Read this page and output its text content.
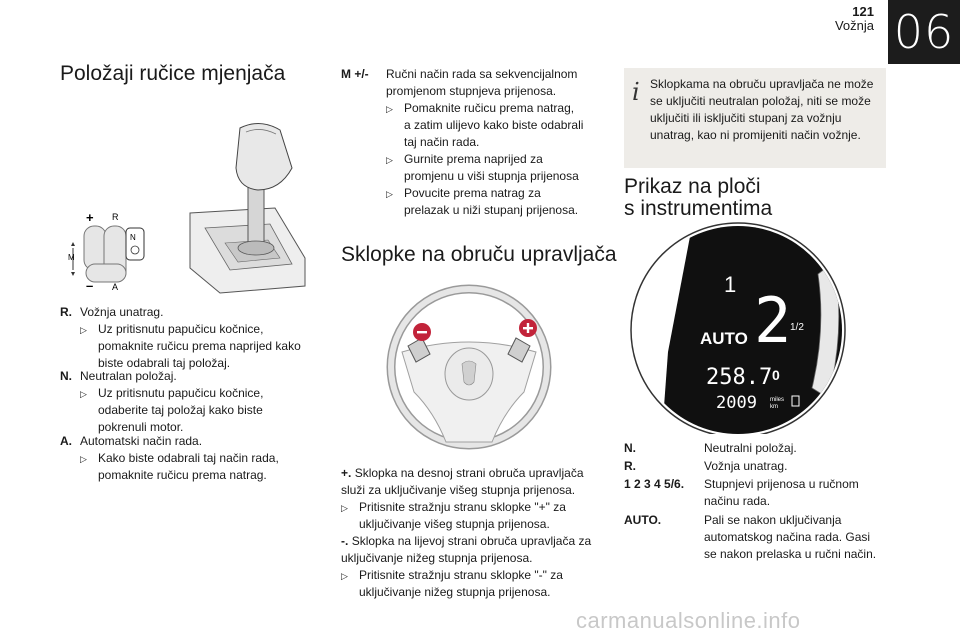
121
Vožnja 06
Položaji ručice mjenjača
R
N
A
M
+
–
R. Vožnja unatrag.
▷ Uz pritisnutu papučicu kočnice,
pomaknite ručicu prema naprijed kako
biste odabrali taj položaj.
N. Neutralan položaj.
▷ Uz pritisnutu papučicu kočnice,
odaberite taj položaj kako biste
pokrenuli motor.
A. Automatski način rada.
▷ Kako biste odabrali taj način rada,
pomaknite ručicu prema natrag.
M +/-	Ručni način rada sa sekvencijalnom
promjenom stupnjeva prijenosa.
▷ Pomaknite ručicu prema natrag,
a zatim ulijevo kako biste odabrali
taj način rada.
▷ Gurnite prema naprijed za
promjenu u viši stupnja prijenosa
▷ Povucite prema natrag za
prelazak u niži stupanj prijenosa.
Sklopke na obruču upravljača
+. Sklopka na desnoj strani obruča upravljača
služi za uključivanje višeg stupnja prijenosa.
▷ Pritisnite stražnju stranu sklopke "+" za
uključivanje višeg stupnja prijenosa.
-. Sklopka na lijevoj strani obruča upravljača za
uključivanje nižeg stupnja prijenosa.
▷ Pritisnite stražnju stranu sklopke "-" za
uključivanje nižeg stupnja prijenosa.
i Sklopkama na obruču upravljača ne može
se uključiti neutralan položaj, niti se može
uključiti ili isključiti stupanj za vožnju
unatrag, kao ni promijeniti način vožnje.
Prikaz na ploči
s instrumentima
1
1/2
0
AUTO 2
258.7
2009 miles
km
N.	Neutralni položaj.
R.	Vožnja unatrag.
1 2 3 4 5/6.	Stupnjevi prijenosa u ručnom
načinu rada.
AUTO.	Pali se nakon uključivanja
automatskog načina rada. Gasi
se nakon prelaska u ručni način.
carmanualsonline.info
